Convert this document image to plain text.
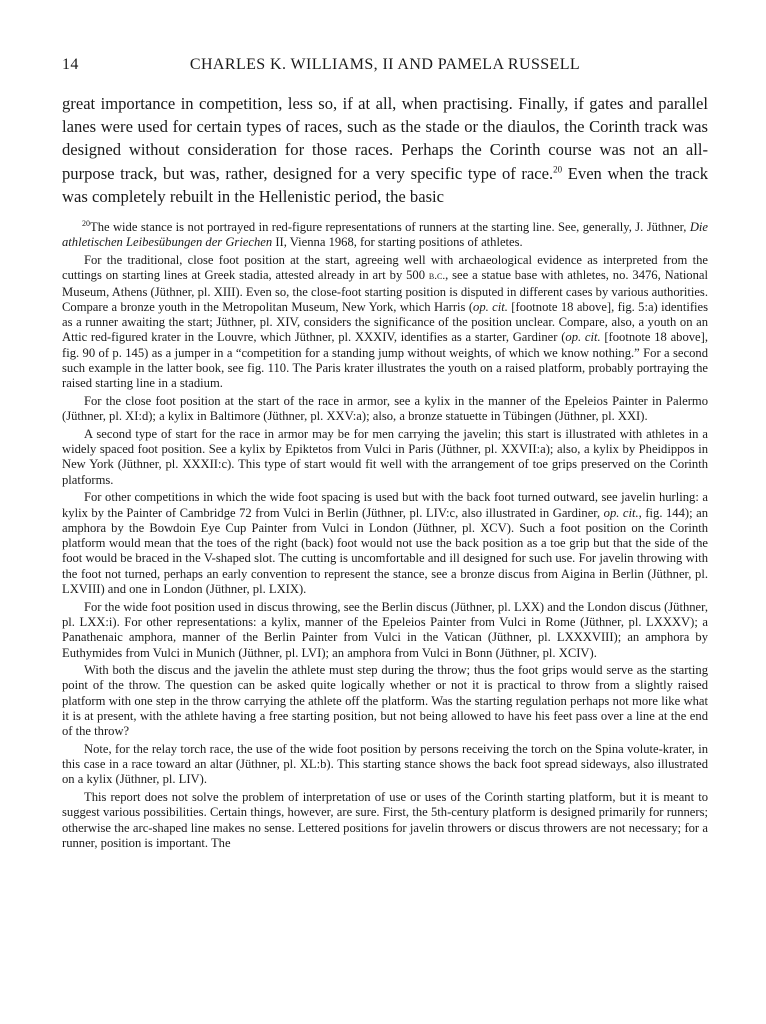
14	CHARLES K. WILLIAMS, II AND PAMELA RUSSELL

great importance in competition, less so, if at all, when practising. Finally, if gates and parallel lanes were used for certain types of races, such as the stade or the diaulos, the Corinth track was designed without consideration for those races. Perhaps the Corinth course was not an all-purpose track, but was, rather, designed for a very specific type of race.$^{20}$ Even when the track was completely rebuilt in the Hellenistic period, the basic

$^{20}$The wide stance is not portrayed in red-figure representations of runners at the starting line. See, generally, J. Jüthner, Die athletischen Leibesübungen der Griechen II, Vienna 1968, for starting positions of athletes.

For the traditional, close foot position at the start, agreeing well with archaeological evidence as interpreted from the cuttings on starting lines at Greek stadia, attested already in art by 500 b.c., see a statue base with athletes, no. 3476, National Museum, Athens (Jüthner, pl. XIII). Even so, the close-foot starting position is disputed in different cases by various authorities. Compare a bronze youth in the Metropolitan Museum, New York, which Harris (op. cit. [footnote 18 above], fig. 5:a) identifies as a runner awaiting the start; Jüthner, pl. XIV, considers the significance of the position unclear. Compare, also, a youth on an Attic red-figured krater in the Louvre, which Jüthner, pl. XXXIV, identifies as a starter, Gardiner (op. cit. [footnote 18 above], fig. 90 of p. 145) as a jumper in a “competition for a standing jump without weights, of which we know nothing.” For a second such example in the latter book, see fig. 110. The Paris krater illustrates the youth on a raised platform, probably portraying the raised starting line in a stadium.

For the close foot position at the start of the race in armor, see a kylix in the manner of the Epeleios Painter in Palermo (Jüthner, pl. XI:d); a kylix in Baltimore (Jüthner, pl. XXV:a); also, a bronze statuette in Tübingen (Jüthner, pl. XXI).

A second type of start for the race in armor may be for men carrying the javelin; this start is illustrated with athletes in a widely spaced foot position. See a kylix by Epiktetos from Vulci in Paris (Jüthner, pl. XXVII:a); also, a kylix by Pheidippos in New York (Jüthner, pl. XXXII:c). This type of start would fit well with the arrangement of toe grips preserved on the Corinth platforms.

For other competitions in which the wide foot spacing is used but with the back foot turned outward, see javelin hurling: a kylix by the Painter of Cambridge 72 from Vulci in Berlin (Jüthner, pl. LIV:c, also illustrated in Gardiner, op. cit., fig. 144); an amphora by the Bowdoin Eye Cup Painter from Vulci in London (Jüthner, pl. XCV). Such a foot position on the Corinth platform would mean that the toes of the right (back) foot would not use the back position as a toe grip but that the side of the foot would be braced in the V-shaped slot. The cutting is uncomfortable and ill designed for such use. For javelin throwing with the foot not turned, perhaps an early convention to represent the stance, see a bronze discus from Aigina in Berlin (Jüthner, pl. LXVIII) and one in London (Jüthner, pl. LXIX).

For the wide foot position used in discus throwing, see the Berlin discus (Jüthner, pl. LXX) and the London discus (Jüthner, pl. LXX:i). For other representations: a kylix, manner of the Epeleios Painter from Vulci in Rome (Jüthner, pl. LXXXV); a Panathenaic amphora, manner of the Berlin Painter from Vulci in the Vatican (Jüthner, pl. LXXXVIII); an amphora by Euthymides from Vulci in Munich (Jüthner, pl. LVI); an amphora from Vulci in Bonn (Jüthner, pl. XCIV).

With both the discus and the javelin the athlete must step during the throw; thus the foot grips would serve as the starting point of the throw. The question can be asked quite logically whether or not it is practical to throw from a slightly raised platform with one step in the throw carrying the athlete off the platform. Was the starting regulation perhaps not more like what it is at present, with the athlete having a free starting position, but not being allowed to have his feet pass over a line at the end of the throw?

Note, for the relay torch race, the use of the wide foot position by persons receiving the torch on the Spina volute-krater, in this case in a race toward an altar (Jüthner, pl. XL:b). This starting stance shows the back foot spread sideways, also illustrated on a kylix (Jüthner, pl. LIV).

This report does not solve the problem of interpretation of use or uses of the Corinth starting platform, but it is meant to suggest various possibilities. Certain things, however, are sure. First, the 5th-century platform is designed primarily for runners; otherwise the arc-shaped line makes no sense. Lettered positions for javelin throwers or discus throwers are not necessary; for a runner, position is important. The
